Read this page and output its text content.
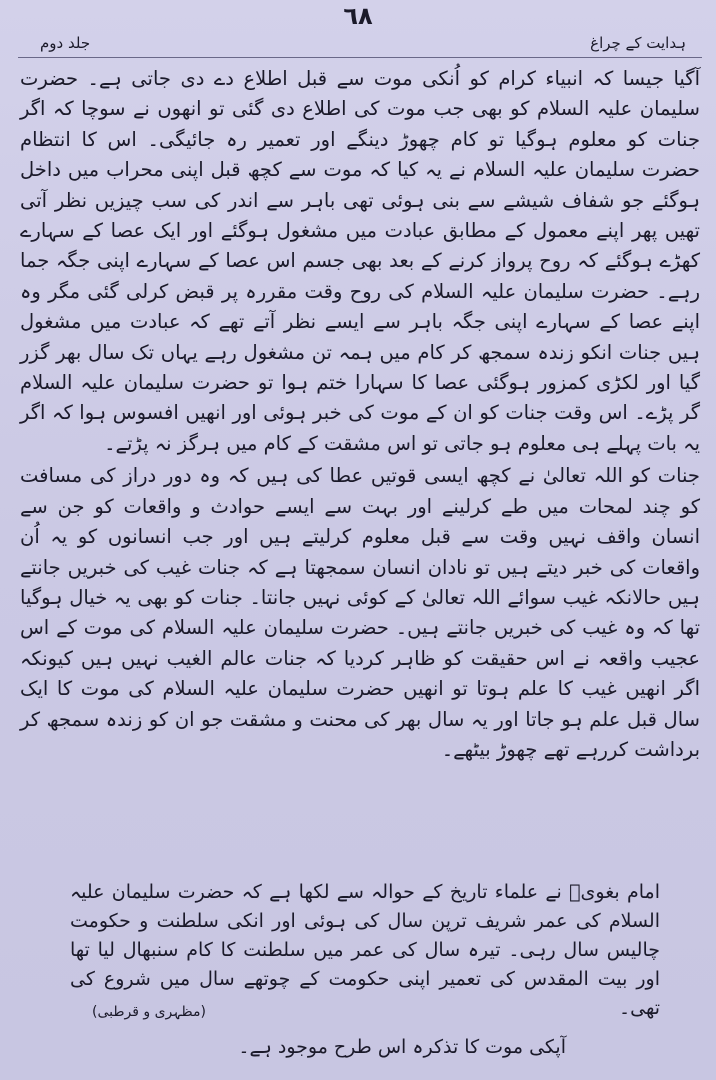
٦٨
ہدایت کے چراغ
جلد دوم

آگیا جیسا کہ انبیاء کرام کو اُنکی موت سے قبل اطلاع دے دی جاتی ہے۔ حضرت سلیمان علیہ السلام کو بھی جب موت کی اطلاع دی گئی تو انھوں نے سوچا کہ اگر جنات کو معلوم ہوگیا تو کام چھوڑ دینگے اور تعمیر رہ جائیگی۔ اس کا انتظام حضرت سلیمان علیہ السلام نے یہ کیا کہ موت سے کچھ قبل اپنی محراب میں داخل ہوگئے جو شفاف شیشے سے بنی ہوئی تھی باہر سے اندر کی سب چیزیں نظر آتی تھیں پھر اپنے معمول کے مطابق عبادت میں مشغول ہوگئے اور ایک عصا کے سہارے کھڑے ہوگئے کہ روح پرواز کرنے کے بعد بھی جسم اس عصا کے سہارے اپنی جگہ جما رہے۔ حضرت سلیمان علیہ السلام کی روح وقت مقررہ پر قبض کرلی گئی مگر وہ اپنے عصا کے سہارے اپنی جگہ باہر سے ایسے نظر آتے تھے کہ عبادت میں مشغول ہیں جنات انکو زندہ سمجھ کر کام میں ہمہ تن مشغول رہے یہاں تک سال بھر گزر گیا اور لکڑی کمزور ہوگئی عصا کا سہارا ختم ہوا تو حضرت سلیمان علیہ السلام گر پڑے۔ اس وقت جنات کو ان کے موت کی خبر ہوئی اور انھیں افسوس ہوا کہ اگر یہ بات پہلے ہی معلوم ہو جاتی تو اس مشقت کے کام میں ہرگز نہ پڑتے۔

جنات کو اللہ تعالیٰ نے کچھ ایسی قوتیں عطا کی ہیں کہ وہ دور دراز کی مسافت کو چند لمحات میں طے کرلینے اور بہت سے ایسے حوادث و واقعات کو جن سے انسان واقف نہیں وقت سے قبل معلوم کرلیتے ہیں اور جب انسانوں کو یہ اُن واقعات کی خبر دیتے ہیں تو نادان انسان سمجھتا ہے کہ جنات غیب کی خبریں جانتے ہیں حالانکہ غیب سوائے اللہ تعالیٰ کے کوئی نہیں جانتا۔ جنات کو بھی یہ خیال ہوگیا تھا کہ وہ غیب کی خبریں جانتے ہیں۔ حضرت سلیمان علیہ السلام کی موت کے اس عجیب واقعہ نے اس حقیقت کو ظاہر کردیا کہ جنات عالم الغیب نہیں ہیں کیونکہ اگر انھیں غیب کا علم ہوتا تو انھیں حضرت سلیمان علیہ السلام کی موت کا ایک سال قبل علم ہو جاتا اور یہ سال بھر کی محنت و مشقت جو ان کو زندہ سمجھ کر برداشت کررہے تھے چھوڑ بیٹھے۔

امام بغویؒ نے علماء تاریخ کے حوالہ سے لکھا ہے کہ حضرت سلیمان علیہ السلام کی عمر شریف ترپن سال کی ہوئی اور انکی سلطنت و حکومت چالیس سال رہی۔ تیرہ سال کی عمر میں سلطنت کا کام سنبھال لیا تھا اور بیت المقدس کی تعمیر اپنی حکومت کے چوتھے سال میں شروع کی تھی۔

(مظہری و قرطبی)
آپکی موت کا تذکرہ اس طرح موجود ہے۔
